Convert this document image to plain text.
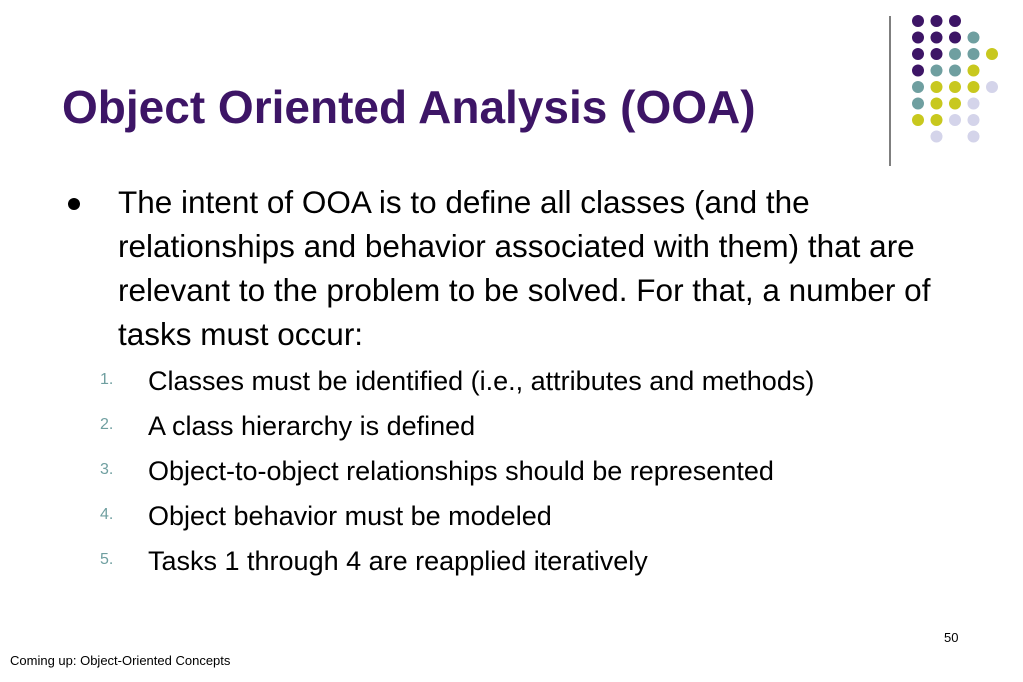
Object Oriented Analysis (OOA)
The intent of OOA is to define all classes (and the relationships and behavior associated with them) that are relevant to the problem to be solved. For that, a number of tasks must occur:
1. Classes must be identified (i.e., attributes and methods)
2. A class hierarchy is defined
3. Object-to-object relationships should be represented
4. Object behavior must be modeled
5. Tasks 1 through 4 are reapplied iteratively
50
Coming up: Object-Oriented Concepts
